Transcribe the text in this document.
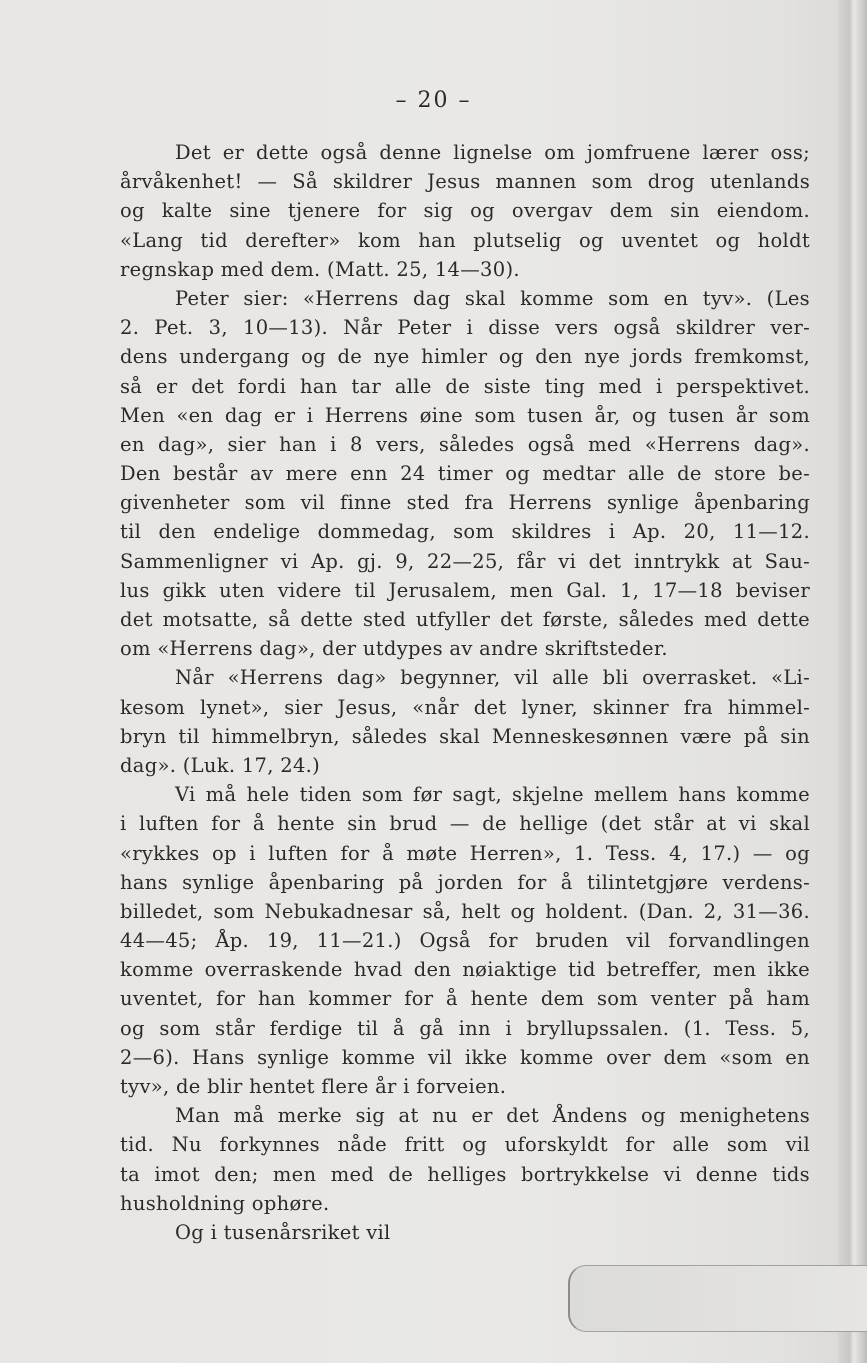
– 20 –
Det er dette også denne lignelse om jomfruene lærer oss;
årvåkenhet! — Så skildrer Jesus mannen som drog utenlands
og kalte sine tjenere for sig og overgav dem sin eiendom.
«Lang tid derefter» kom han plutselig og uventet og holdt
regnskap med dem. (Matt. 25, 14—30).
Peter sier: «Herrens dag skal komme som en tyv». (Les
2. Pet. 3, 10—13). Når Peter i disse vers også skildrer ver-
dens undergang og de nye himler og den nye jords fremkomst,
så er det fordi han tar alle de siste ting med i perspektivet.
Men «en dag er i Herrens øine som tusen år, og tusen år som
en dag», sier han i 8 vers, således også med «Herrens dag».
Den består av mere enn 24 timer og medtar alle de store be-
givenheter som vil finne sted fra Herrens synlige åpenbaring
til den endelige dommedag, som skildres i Ap. 20, 11—12.
Sammenligner vi Ap. gj. 9, 22—25, får vi det inntrykk at Sau-
lus gikk uten videre til Jerusalem, men Gal. 1, 17—18 beviser
det motsatte, så dette sted utfyller det første, således med dette
om «Herrens dag», der utdypes av andre skriftsteder.
Når «Herrens dag» begynner, vil alle bli overrasket. «Li-
kesom lynet», sier Jesus, «når det lyner, skinner fra himmel-
bryn til himmelbryn, således skal Menneskesønnen være på sin
dag». (Luk. 17, 24.)
Vi må hele tiden som før sagt, skjelne mellem hans komme
i luften for å hente sin brud — de hellige (det står at vi skal
«rykkes op i luften for å møte Herren», 1. Tess. 4, 17.) — og
hans synlige åpenbaring på jorden for å tilintetgjøre verdens-
billedet, som Nebukadnesar så, helt og holdent. (Dan. 2, 31—36.
44—45; Åp. 19, 11—21.) Også for bruden vil forvandlingen
komme overraskende hvad den nøiaktige tid betreffer, men ikke
uventet, for han kommer for å hente dem som venter på ham
og som står ferdige til å gå inn i bryllupssalen. (1. Tess. 5,
2—6). Hans synlige komme vil ikke komme over dem «som en
tyv», de blir hentet flere år i forveien.
Man må merke sig at nu er det Åndens og menighetens
tid. Nu forkynnes nåde fritt og uforskyldt for alle som vil
ta imot den; men med de helliges bortrykkelse vi denne tids
husholdning ophøre.
Og i tusenårsriket vil
